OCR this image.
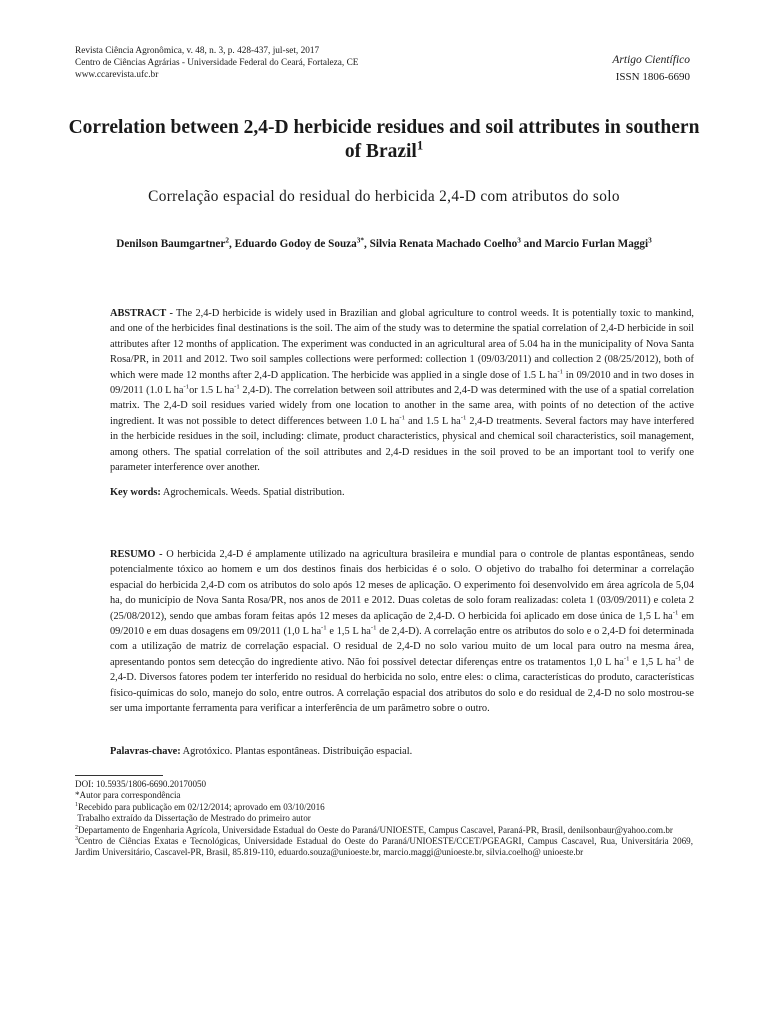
Revista Ciência Agronômica, v. 48, n. 3, p. 428-437, jul-set, 2017
Centro de Ciências Agrárias - Universidade Federal do Ceará, Fortaleza, CE
www.ccarevista.ufc.br
Artigo Científico
ISSN 1806-6690
Correlation between 2,4-D herbicide residues and soil attributes in southern of Brazil$^1$
Correlação espacial do residual do herbicida 2,4-D com atributos do solo
Denilson Baumgartner$^2$, Eduardo Godoy de Souza$^{3*}$, Silvia Renata Machado Coelho$^3$ and Marcio Furlan Maggi$^3$

ABSTRACT - The 2,4-D herbicide is widely used in Brazilian and global agriculture to control weeds. It is potentially toxic to mankind, and one of the herbicides final destinations is the soil. The aim of the study was to determine the spatial correlation of 2,4-D herbicide in soil attributes after 12 months of application. The experiment was conducted in an agricultural area of 5.04 ha in the municipality of Nova Santa Rosa/PR, in 2011 and 2012. Two soil samples collections were performed: collection 1 (09/03/2011) and collection 2 (08/25/2012), both of which were made 12 months after 2,4-D application. The herbicide was applied in a single dose of 1.5 L $ha^{-1}$ in 09/2010 and in two doses in 09/2011 (1.0 L $ha^{-1}or$ 1.5 L $ha^{-1}$ 2,4-D). The correlation between soil attributes and 2,4-D was determined with the use of a spatial correlation matrix. The 2,4-D soil residues varied widely from one location to another in the same area, with points of no detection of the active ingredient. It was not possible to detect differences between 1.0 L $ha^{-1}$ and 1.5 L $ha^{-1}$ 2,4-D treatments. Several factors may have interfered in the herbicide residues in the soil, including: climate, product characteristics, physical and chemical soil characteristics, soil management, among others. The spatial correlation of the soil attributes and 2,4-D residues in the soil proved to be an important tool to verify one parameter interference over another.

Key words: Agrochemicals. Weeds. Spatial distribution.

RESUMO - O herbicida 2,4-D é amplamente utilizado na agricultura brasileira e mundial para o controle de plantas espontâneas, sendo potencialmente tóxico ao homem e um dos destinos finais dos herbicidas é o solo. O objetivo do trabalho foi determinar a correlação espacial do herbicida 2,4-D com os atributos do solo após 12 meses de aplicação. O experimento foi desenvolvido em área agrícola de 5,04 ha, do município de Nova Santa Rosa/PR, nos anos de 2011 e 2012. Duas coletas de solo foram realizadas: coleta 1 (03/09/2011) e coleta 2 (25/08/2012), sendo que ambas foram feitas após 12 meses da aplicação de 2,4-D. O herbicida foi aplicado em dose única de 1,5 L $ha^{-1}$ em 09/2010 e em duas dosagens em 09/2011 (1,0 L $ha^{-1}$ e 1,5 L $ha^{-1}$ de 2,4-D). A correlação entre os atributos do solo e o 2,4-D foi determinada com a utilização de matriz de correlação espacial. O residual de 2,4-D no solo variou muito de um local para outro na mesma área, apresentando pontos sem detecção do ingrediente ativo. Não foi possível detectar diferenças entre os tratamentos 1,0 L $ha^{-1}$ e 1,5 L $ha^{-1}$ de 2,4-D. Diversos fatores podem ter interferido no residual do herbicida no solo, entre eles: o clima, características do produto, características físico-químicas do solo, manejo do solo, entre outros. A correlação espacial dos atributos do solo e do residual de 2,4-D no solo mostrou-se ser uma importante ferramenta para verificar a interferência de um parâmetro sobre o outro.

Palavras-chave: Agrotóxico. Plantas espontâneas. Distribuição espacial.

DOI: 10.5935/1806-6690.20170050

*Autor para correspondência

$^1$Recebido para publicação em 02/12/2014; aprovado em 03/10/2016

Trabalho extraído da Dissertação de Mestrado do primeiro autor

$^2$Departamento de Engenharia Agrícola, Universidade Estadual do Oeste do Paraná/UNIOESTE, Campus Cascavel, Paraná-PR, Brasil, denilsonbaur@yahoo.com.br

$^3$Centro de Ciências Exatas e Tecnológicas, Universidade Estadual do Oeste do Paraná/UNIOESTE/CCET/PGEAGRI, Campus Cascavel, Rua, Universitária 2069, Jardim Universitário, Cascavel-PR, Brasil, 85.819-110, eduardo.souza@unioeste.br, marcio.maggi@unioeste.br, silvia.coelho@ unioeste.br
